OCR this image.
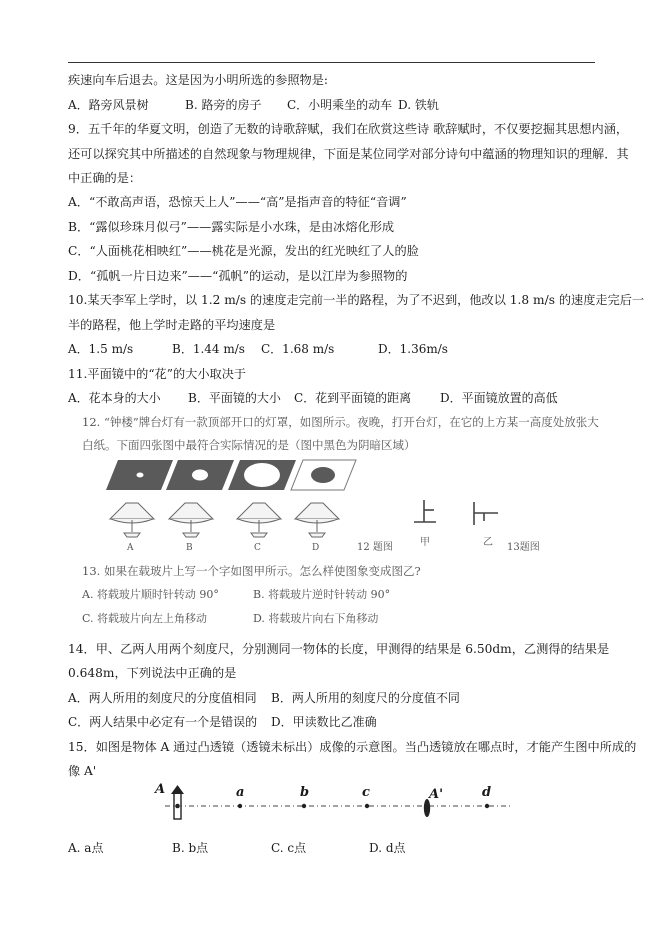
疾速向车后退去。这是因为小明所选的参照物是:
A．路旁风景树	B. 路旁的房子 C．小明乘坐的动车 D. 铁轨
9．五千年的华夏文明，创造了无数的诗歌辞赋，我们在欣赏这些诗 歌辞赋时，不仅要挖掘其思想内涵，
还可以探究其中所描述的自然现象与物理规律，下面是某位同学对部分诗句中蕴涵的物理知识的理解．其
中正确的是：
A．“不敢高声语，恐惊天上人”——“高”是指声音的特征“音调”
B．“露似珍珠月似弓”——露实际是小水珠，是由冰熔化形成
C．“人面桃花相映红”——桃花是光源，发出的红光映红了人的脸
D．“孤帆一片日边来”——“孤帆”的运动，是以江岸为参照物的
10.某天李军上学时，以 1.2 m/s 的速度走完前一半的路程，为了不迟到，他改以 1.8 m/s 的速度走完后一
半的路程，他上学时走路的平均速度是
A．1.5 m/s	B．1.44 m/s C．1.68 m/s	D．1.36m/s
11.平面镜中的“花”的大小取决于
A．花本身的大小 B．平面镜的大小 C．花到平面镜的距离 D．平面镜放置的高低
12. “钟楼”牌台灯有一款顶部开口的灯罩，如图所示。夜晚，打开台灯，在它的上方某一高度处放张大
白纸。下面四张图中最符合实际情况的是（图中黑色为阴暗区域）
A	B	C	D	12 题图	甲	乙 13题图
13. 如果在载玻片上写一个字如图甲所示。怎么样使图象变成图乙?
A. 将载玻片顺时针转动 90°	B. 将载玻片逆时针转动 90°
C. 将载玻片向左上角移动	D. 将载玻片向右下角移动
14．甲、乙两人用两个刻度尺，分别测同一物体的长度，甲测得的结果是 6.50dm，乙测得的结果是
0.648m，下列说法中正确的是
A．两人所用的刻度尺的分度值相同 B．两人所用的刻度尺的分度值不同
C．两人结果中必定有一个是错误的 D．甲读数比乙准确
15．如图是物体 A 通过凸透镜（透镜未标出）成像的示意图。当凸透镜放在哪点时，才能产生图中所成的
像 A'
A	a	b	c	A'	d
A. a点	B. b点	C. c点	D. d点
